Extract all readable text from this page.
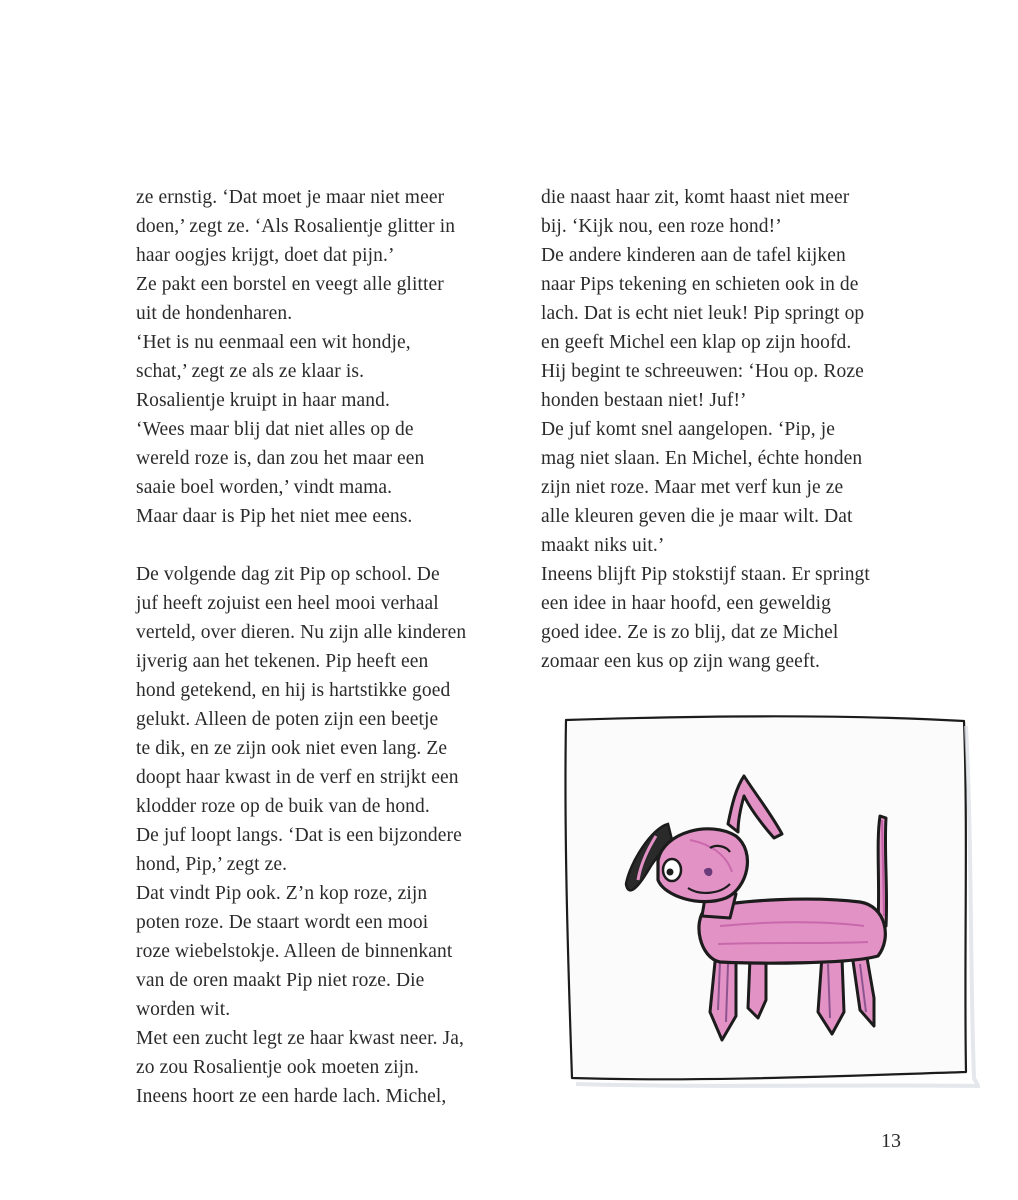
ze ernstig. ‘Dat moet je maar niet meer
doen,’ zegt ze. ‘Als Rosalientje glitter in
haar oogjes krijgt, doet dat pijn.’
Ze pakt een borstel en veegt alle glitter
uit de hondenharen.
‘Het is nu eenmaal een wit hondje,
schat,’ zegt ze als ze klaar is.
Rosalientje kruipt in haar mand.
‘Wees maar blij dat niet alles op de
wereld roze is, dan zou het maar een
saaie boel worden,’ vindt mama.
Maar daar is Pip het niet mee eens.
De volgende dag zit Pip op school. De
juf heeft zojuist een heel mooi verhaal
verteld, over dieren. Nu zijn alle kinderen
ijverig aan het tekenen. Pip heeft een
hond getekend, en hij is hartstikke goed
gelukt. Alleen de poten zijn een beetje
te dik, en ze zijn ook niet even lang. Ze
doopt haar kwast in de verf en strijkt een
klodder roze op de buik van de hond.
De juf loopt langs. ‘Dat is een bijzondere
hond, Pip,’ zegt ze.
Dat vindt Pip ook. Z’n kop roze, zijn
poten roze. De staart wordt een mooi
roze wiebelstokje. Alleen de binnenkant
van de oren maakt Pip niet roze. Die
worden wit.
Met een zucht legt ze haar kwast neer. Ja,
zo zou Rosalientje ook moeten zijn.
Ineens hoort ze een harde lach. Michel,
die naast haar zit, komt haast niet meer
bij. ‘Kijk nou, een roze hond!’
De andere kinderen aan de tafel kijken
naar Pips tekening en schieten ook in de
lach. Dat is echt niet leuk! Pip springt op
en geeft Michel een klap op zijn hoofd.
Hij begint te schreeuwen: ‘Hou op. Roze
honden bestaan niet! Juf!’
De juf komt snel aangelopen. ‘Pip, je
mag niet slaan. En Michel, échte honden
zijn niet roze. Maar met verf kun je ze
alle kleuren geven die je maar wilt. Dat
maakt niks uit.’
Ineens blijft Pip stokstijf staan. Er springt
een idee in haar hoofd, een geweldig
goed idee. Ze is zo blij, dat ze Michel
zomaar een kus op zijn wang geeft.
13
